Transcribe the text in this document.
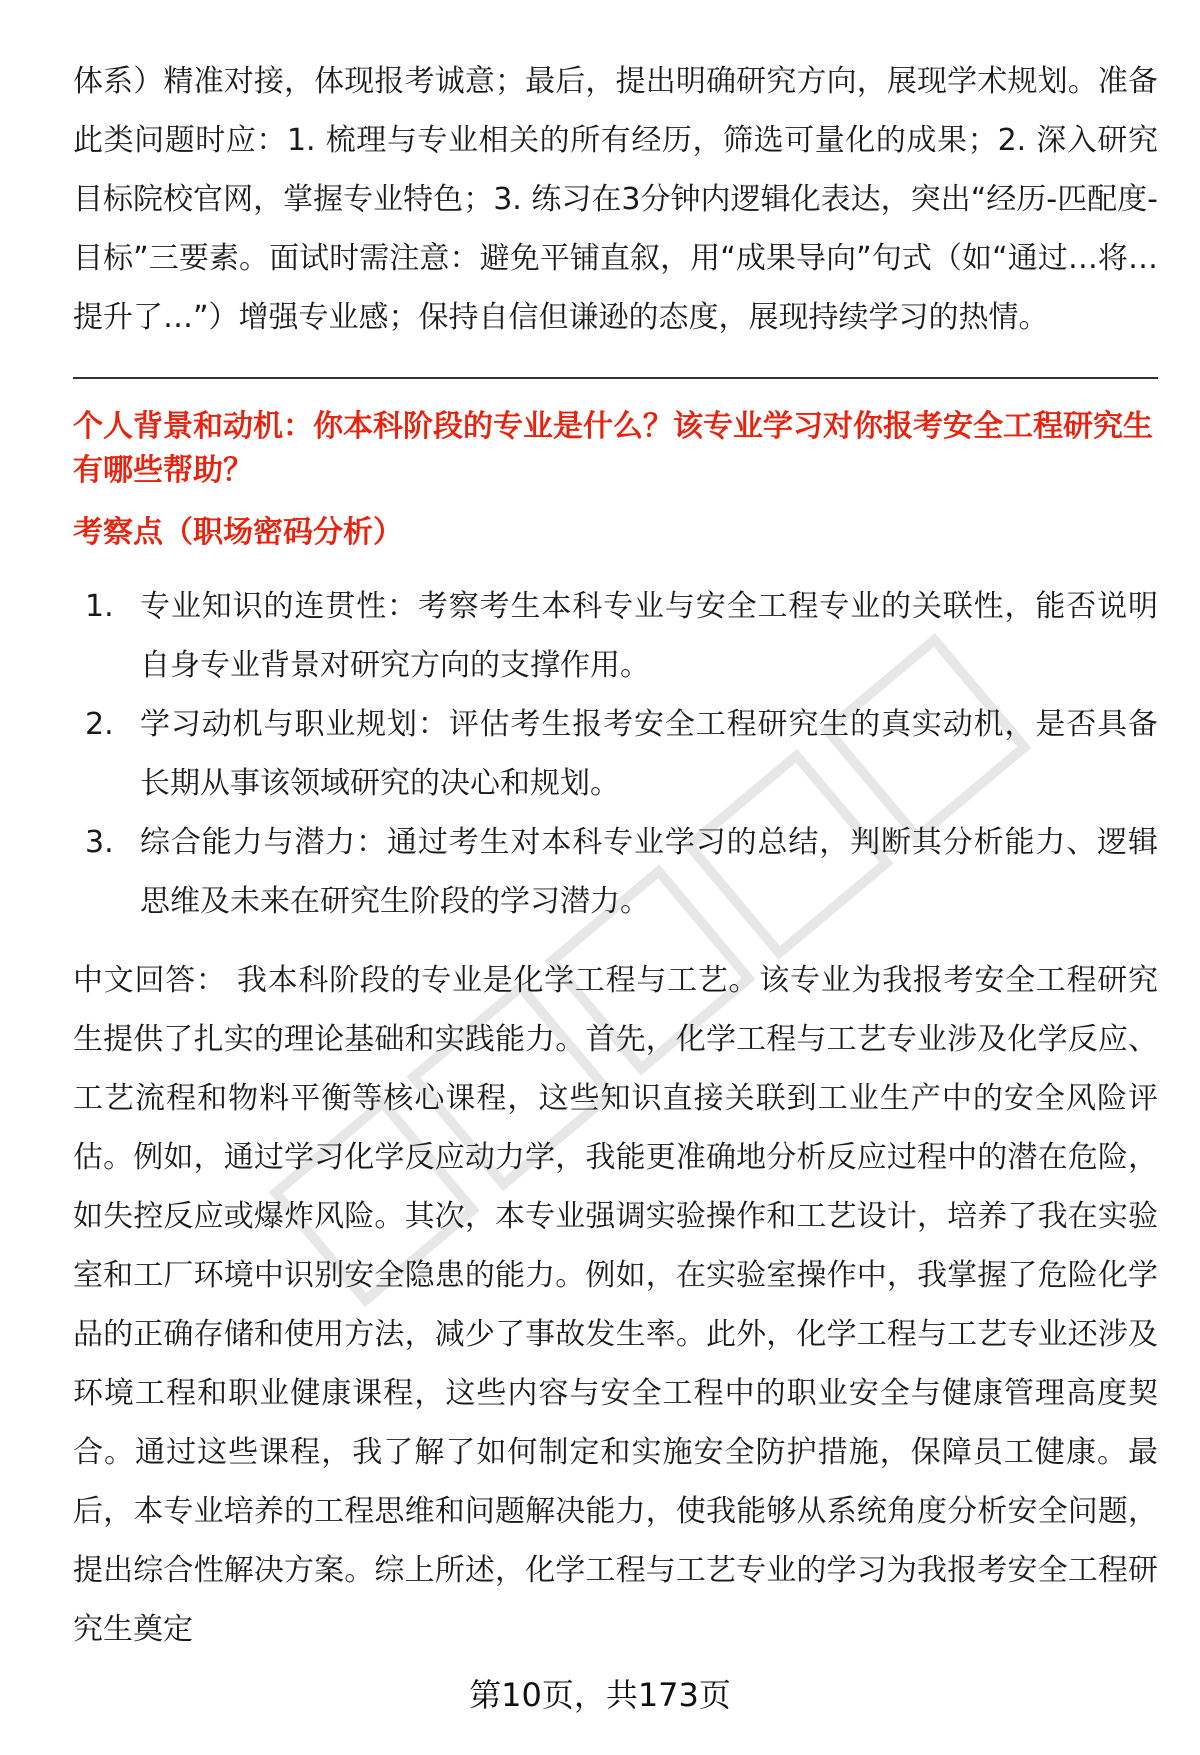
体系）精准对接，体现报考诚意；最后，提出明确研究方向，展现学术规划。准备此类问题时应：1. 梳理与专业相关的所有经历，筛选可量化的成果；2. 深入研究目标院校官网，掌握专业特色；3. 练习在3分钟内逻辑化表达，突出“经历-匹配度-目标”三要素。面试时需注意：避免平铺直叙，用“成果导向”句式（如“通过…将…提升了…”）增强专业感；保持自信但谦逊的态度，展现持续学习的热情。

个人背景和动机：你本科阶段的专业是什么？该专业学习对你报考安全工程研究生有哪些帮助？

考察点（职场密码分析）

1. 专业知识的连贯性：考察考生本科专业与安全工程专业的关联性，能否说明自身专业背景对研究方向的支撑作用。
2. 学习动机与职业规划：评估考生报考安全工程研究生的真实动机，是否具备长期从事该领域研究的决心和规划。
3. 综合能力与潜力：通过考生对本科专业学习的总结，判断其分析能力、逻辑思维及未来在研究生阶段的学习潜力。

中文回答： 我本科阶段的专业是化学工程与工艺。该专业为我报考安全工程研究生提供了扎实的理论基础和实践能力。首先，化学工程与工艺专业涉及化学反应、工艺流程和物料平衡等核心课程，这些知识直接关联到工业生产中的安全风险评估。例如，通过学习化学反应动力学，我能更准确地分析反应过程中的潜在危险，如失控反应或爆炸风险。其次，本专业强调实验操作和工艺设计，培养了我在实验室和工厂环境中识别安全隐患的能力。例如，在实验室操作中，我掌握了危险化学品的正确存储和使用方法，减少了事故发生率。此外，化学工程与工艺专业还涉及环境工程和职业健康课程，这些内容与安全工程中的职业安全与健康管理高度契合。通过这些课程，我了解了如何制定和实施安全防护措施，保障员工健康。最后，本专业培养的工程思维和问题解决能力，使我能够从系统角度分析安全问题，提出综合性解决方案。综上所述，化学工程与工艺专业的学习为我报考安全工程研究生奠定

第10页，共173页
